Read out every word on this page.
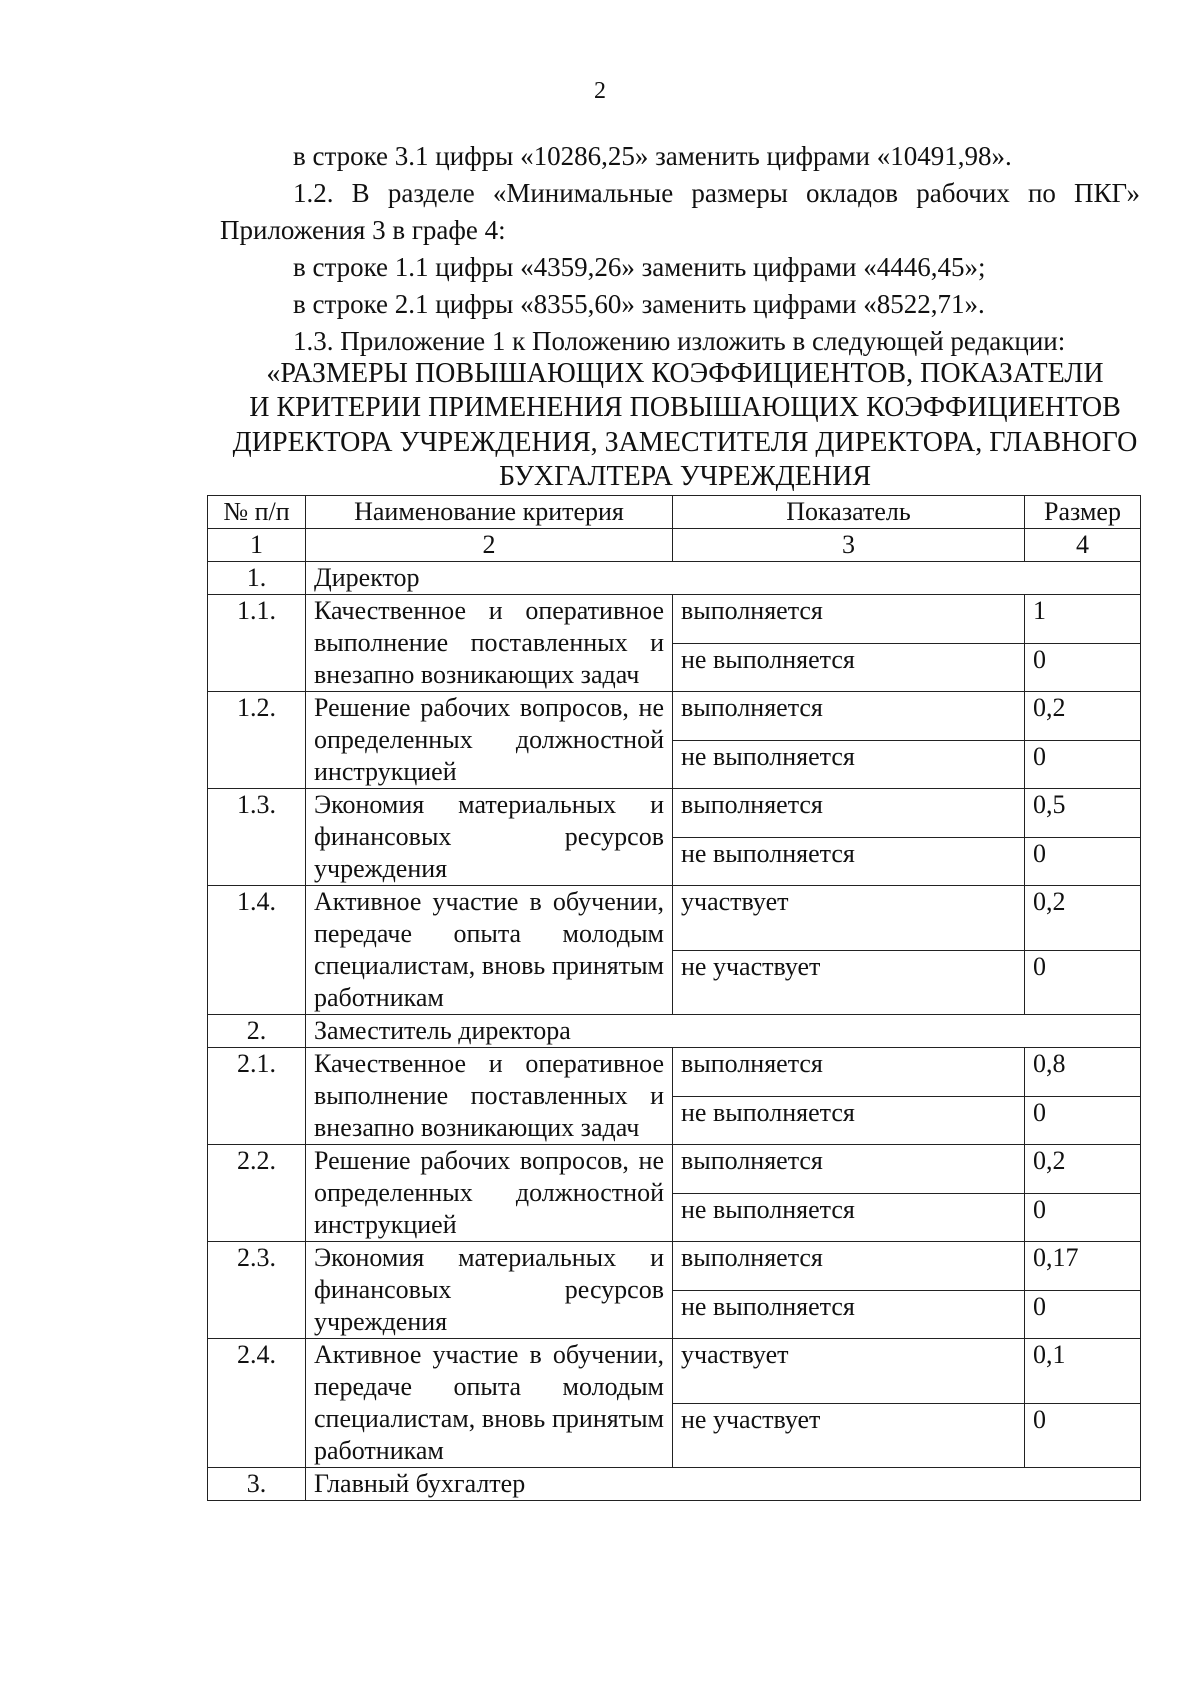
2
в строке 3.1 цифры «10286,25» заменить цифрами «10491,98».
1.2. В разделе «Минимальные размеры окладов рабочих по ПКГ»
Приложения 3 в графе 4:
в строке 1.1 цифры «4359,26» заменить цифрами «4446,45»;
в строке 2.1 цифры «8355,60» заменить цифрами «8522,71».
1.3. Приложение 1 к Положению изложить в следующей редакции:
«РАЗМЕРЫ ПОВЫШАЮЩИХ КОЭФФИЦИЕНТОВ, ПОКАЗАТЕЛИ
И КРИТЕРИИ ПРИМЕНЕНИЯ ПОВЫШАЮЩИХ КОЭФФИЦИЕНТОВ
ДИРЕКТОРА УЧРЕЖДЕНИЯ, ЗАМЕСТИТЕЛЯ ДИРЕКТОРА, ГЛАВНОГО
БУХГАЛТЕРА УЧРЕЖДЕНИЯ
№ п/п	Наименование критерия	Показатель	Размер
1	2	3	4
1.	Директор		
1.1.	Качественное и оперативное выполнение поставленных и внезапно возникающих задач	выполняется	1
		не выполняется	0
1.2.	Решение рабочих вопросов, не определенных должностной инструкцией	выполняется	0,2
		не выполняется	0
1.3.	Экономия материальных и финансовых ресурсов учреждения	выполняется	0,5
		не выполняется	0
1.4.	Активное участие в обучении, передаче опыта молодым специалистам, вновь принятым работникам	участвует	0,2
		не участвует	0
2.	Заместитель директора		
2.1.	Качественное и оперативное выполнение поставленных и внезапно возникающих задач	выполняется	0,8
		не выполняется	0
2.2.	Решение рабочих вопросов, не определенных должностной инструкцией	выполняется	0,2
		не выполняется	0
2.3.	Экономия материальных и финансовых ресурсов учреждения	выполняется	0,17
		не выполняется	0
2.4.	Активное участие в обучении, передаче опыта молодым специалистам, вновь принятым работникам	участвует	0,1
		не участвует	0
3.	Главный бухгалтер		
